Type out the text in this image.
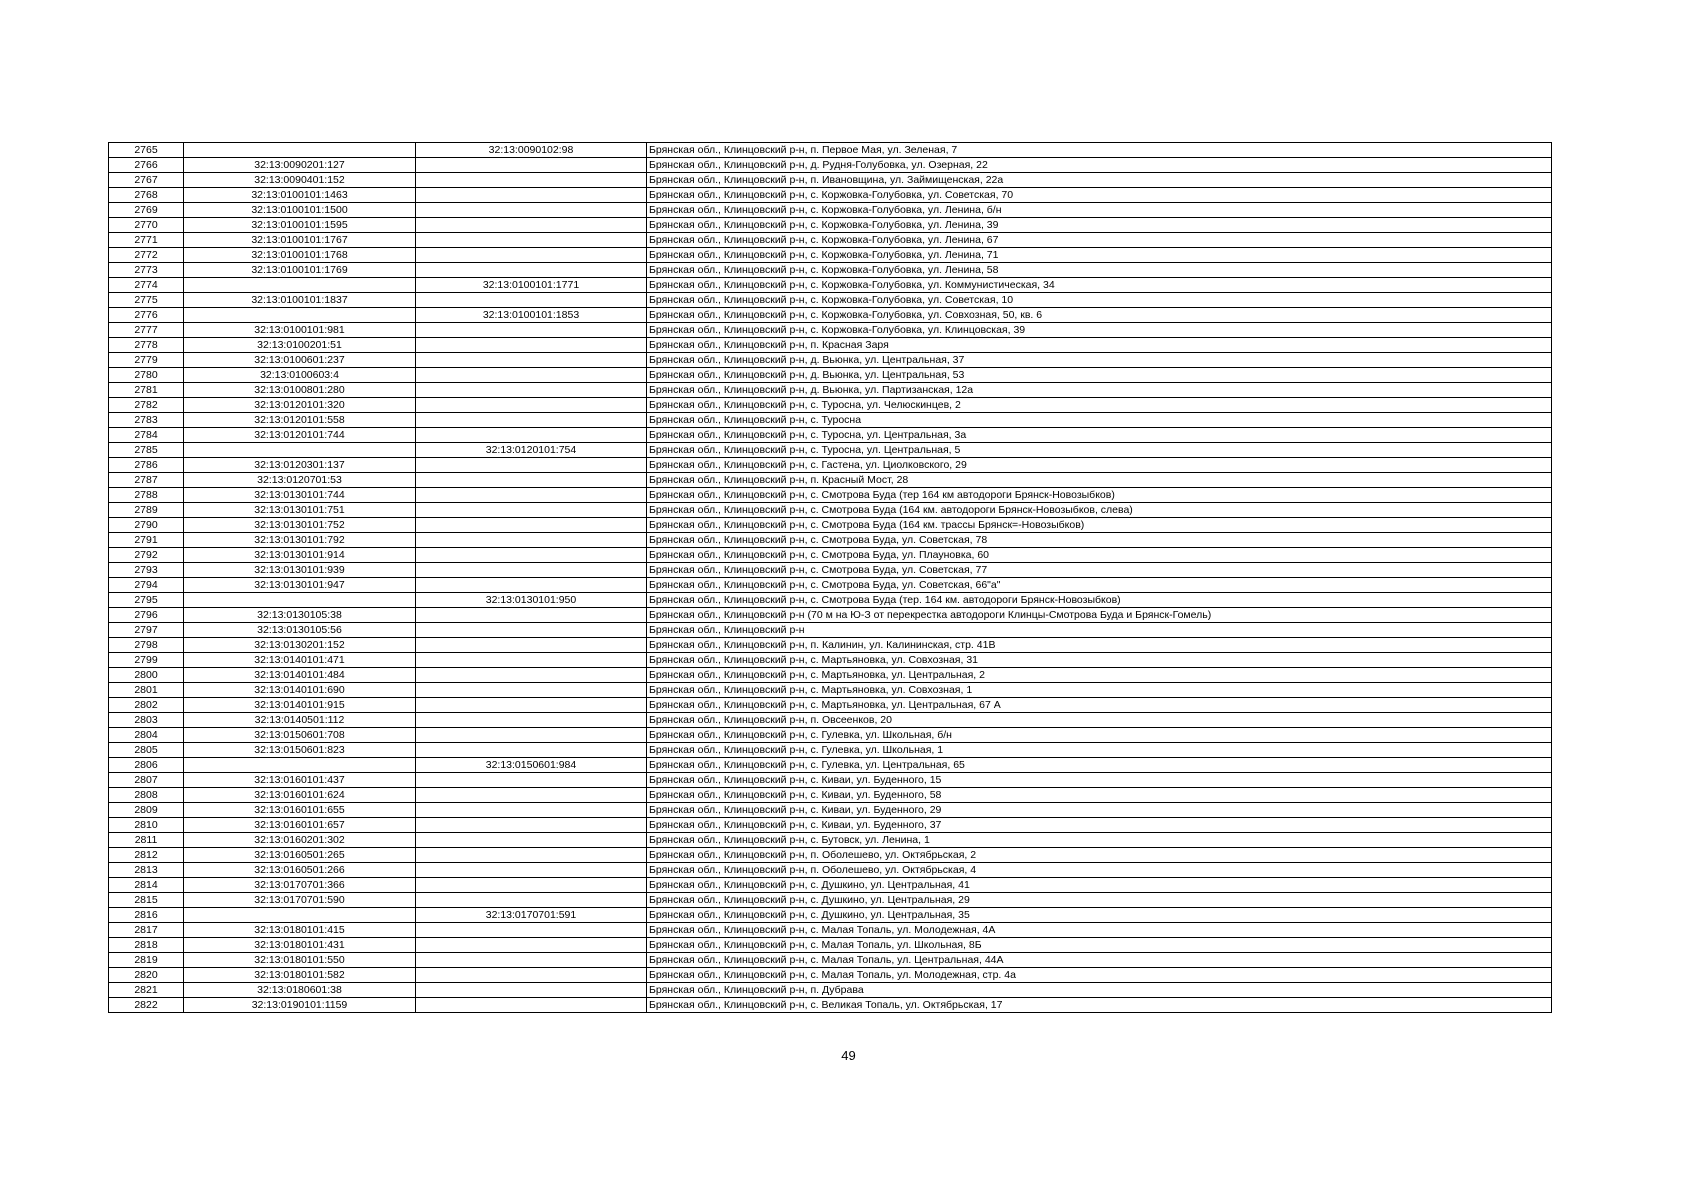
2765		32:13:0090102:98	Брянская обл., Клинцовский р-н, п. Первое Мая, ул. Зеленая, 7
2766	32:13:0090201:127		Брянская обл., Клинцовский р-н, д. Рудня-Голубовка, ул. Озерная, 22
2767	32:13:0090401:152		Брянская обл., Клинцовский р-н, п. Ивановщина, ул. Займищенская, 22а
2768	32:13:0100101:1463		Брянская обл., Клинцовский р-н, с. Коржовка-Голубовка, ул. Советская, 70
2769	32:13:0100101:1500		Брянская обл., Клинцовский р-н, с. Коржовка-Голубовка, ул. Ленина, б/н
2770	32:13:0100101:1595		Брянская обл., Клинцовский р-н, с. Коржовка-Голубовка, ул. Ленина, 39
2771	32:13:0100101:1767		Брянская обл., Клинцовский р-н, с. Коржовка-Голубовка, ул. Ленина, 67
2772	32:13:0100101:1768		Брянская обл., Клинцовский р-н, с. Коржовка-Голубовка, ул. Ленина, 71
2773	32:13:0100101:1769		Брянская обл., Клинцовский р-н, с. Коржовка-Голубовка, ул. Ленина, 58
2774		32:13:0100101:1771	Брянская обл., Клинцовский р-н, с. Коржовка-Голубовка, ул. Коммунистическая, 34
2775	32:13:0100101:1837		Брянская обл., Клинцовский р-н, с. Коржовка-Голубовка, ул. Советская, 10
2776		32:13:0100101:1853	Брянская обл., Клинцовский р-н, с. Коржовка-Голубовка, ул. Совхозная, 50, кв. 6
2777	32:13:0100101:981		Брянская обл., Клинцовский р-н, с. Коржовка-Голубовка, ул. Клинцовская, 39
2778	32:13:0100201:51		Брянская обл., Клинцовский р-н, п. Красная Заря
2779	32:13:0100601:237		Брянская обл., Клинцовский р-н, д. Вьюнка, ул. Центральная, 37
2780	32:13:0100603:4		Брянская обл., Клинцовский р-н, д. Вьюнка, ул. Центральная, 53
2781	32:13:0100801:280		Брянская обл., Клинцовский р-н, д. Вьюнка, ул. Партизанская, 12а
2782	32:13:0120101:320		Брянская обл., Клинцовский р-н, с. Туросна, ул. Челюскинцев, 2
2783	32:13:0120101:558		Брянская обл., Клинцовский р-н, с. Туросна
2784	32:13:0120101:744		Брянская обл., Клинцовский р-н, с. Туросна, ул. Центральная, 3а
2785		32:13:0120101:754	Брянская обл., Клинцовский р-н, с. Туросна, ул. Центральная, 5
2786	32:13:0120301:137		Брянская обл., Клинцовский р-н, с. Гастена, ул. Циолковского, 29
2787	32:13:0120701:53		Брянская обл., Клинцовский р-н, п. Красный Мост, 28
2788	32:13:0130101:744		Брянская обл., Клинцовский р-н, с. Смотрова Буда (тер 164 км автодороги Брянск-Новозыбков)
2789	32:13:0130101:751		Брянская обл., Клинцовский р-н, с. Смотрова Буда (164 км. автодороги Брянск-Новозыбков, слева)
2790	32:13:0130101:752		Брянская обл., Клинцовский р-н, с. Смотрова Буда (164 км. трассы Брянск=-Новозыбков)
2791	32:13:0130101:792		Брянская обл., Клинцовский р-н, с. Смотрова Буда, ул. Советская, 78
2792	32:13:0130101:914		Брянская обл., Клинцовский р-н, с. Смотрова Буда, ул. Плауновка, 60
2793	32:13:0130101:939		Брянская обл., Клинцовский р-н, с. Смотрова Буда, ул. Советская, 77
2794	32:13:0130101:947		Брянская обл., Клинцовский р-н, с. Смотрова Буда, ул. Советская, 66"а"
2795		32:13:0130101:950	Брянская обл., Клинцовский р-н, с. Смотрова Буда (тер. 164 км. автодороги Брянск-Новозыбков)
2796	32:13:0130105:38		Брянская обл., Клинцовский р-н (70 м на Ю-З от перекрестка автодороги Клинцы-Смотрова Буда и Брянск-Гомель)
2797	32:13:0130105:56		Брянская обл., Клинцовский р-н
2798	32:13:0130201:152		Брянская обл., Клинцовский р-н, п. Калинин, ул. Калининская, стр. 41В
2799	32:13:0140101:471		Брянская обл., Клинцовский р-н, с. Мартьяновка, ул. Совхозная, 31
2800	32:13:0140101:484		Брянская обл., Клинцовский р-н, с. Мартьяновка, ул. Центральная, 2
2801	32:13:0140101:690		Брянская обл., Клинцовский р-н, с. Мартьяновка, ул. Совхозная, 1
2802	32:13:0140101:915		Брянская обл., Клинцовский р-н, с. Мартьяновка, ул. Центральная, 67 А
2803	32:13:0140501:112		Брянская обл., Клинцовский р-н, п. Овсеенков, 20
2804	32:13:0150601:708		Брянская обл., Клинцовский р-н, с. Гулевка, ул. Школьная, б/н
2805	32:13:0150601:823		Брянская обл., Клинцовский р-н, с. Гулевка, ул. Школьная, 1
2806		32:13:0150601:984	Брянская обл., Клинцовский р-н, с. Гулевка, ул. Центральная, 65
2807	32:13:0160101:437		Брянская обл., Клинцовский р-н, с. Киваи, ул. Буденного, 15
2808	32:13:0160101:624		Брянская обл., Клинцовский р-н, с. Киваи, ул. Буденного, 58
2809	32:13:0160101:655		Брянская обл., Клинцовский р-н, с. Киваи, ул. Буденного, 29
2810	32:13:0160101:657		Брянская обл., Клинцовский р-н, с. Киваи, ул. Буденного, 37
2811	32:13:0160201:302		Брянская обл., Клинцовский р-н, с. Бутовск, ул. Ленина, 1
2812	32:13:0160501:265		Брянская обл., Клинцовский р-н, п. Оболешево, ул. Октябрьская, 2
2813	32:13:0160501:266		Брянская обл., Клинцовский р-н, п. Оболешево, ул. Октябрьская, 4
2814	32:13:0170701:366		Брянская обл., Клинцовский р-н, с. Душкино, ул. Центральная, 41
2815	32:13:0170701:590		Брянская обл., Клинцовский р-н, с. Душкино, ул. Центральная, 29
2816		32:13:0170701:591	Брянская обл., Клинцовский р-н, с. Душкино, ул. Центральная, 35
2817	32:13:0180101:415		Брянская обл., Клинцовский р-н, с. Малая Топаль, ул. Молодежная, 4А
2818	32:13:0180101:431		Брянская обл., Клинцовский р-н, с. Малая Топаль, ул. Школьная, 8Б
2819	32:13:0180101:550		Брянская обл., Клинцовский р-н, с. Малая Топаль, ул. Центральная, 44А
2820	32:13:0180101:582		Брянская обл., Клинцовский р-н, с. Малая Топаль, ул. Молодежная, стр. 4а
2821	32:13:0180601:38		Брянская обл., Клинцовский р-н, п. Дубрава
2822	32:13:0190101:1159		Брянская обл., Клинцовский р-н, с. Великая Топаль, ул. Октябрьская, 17
49
